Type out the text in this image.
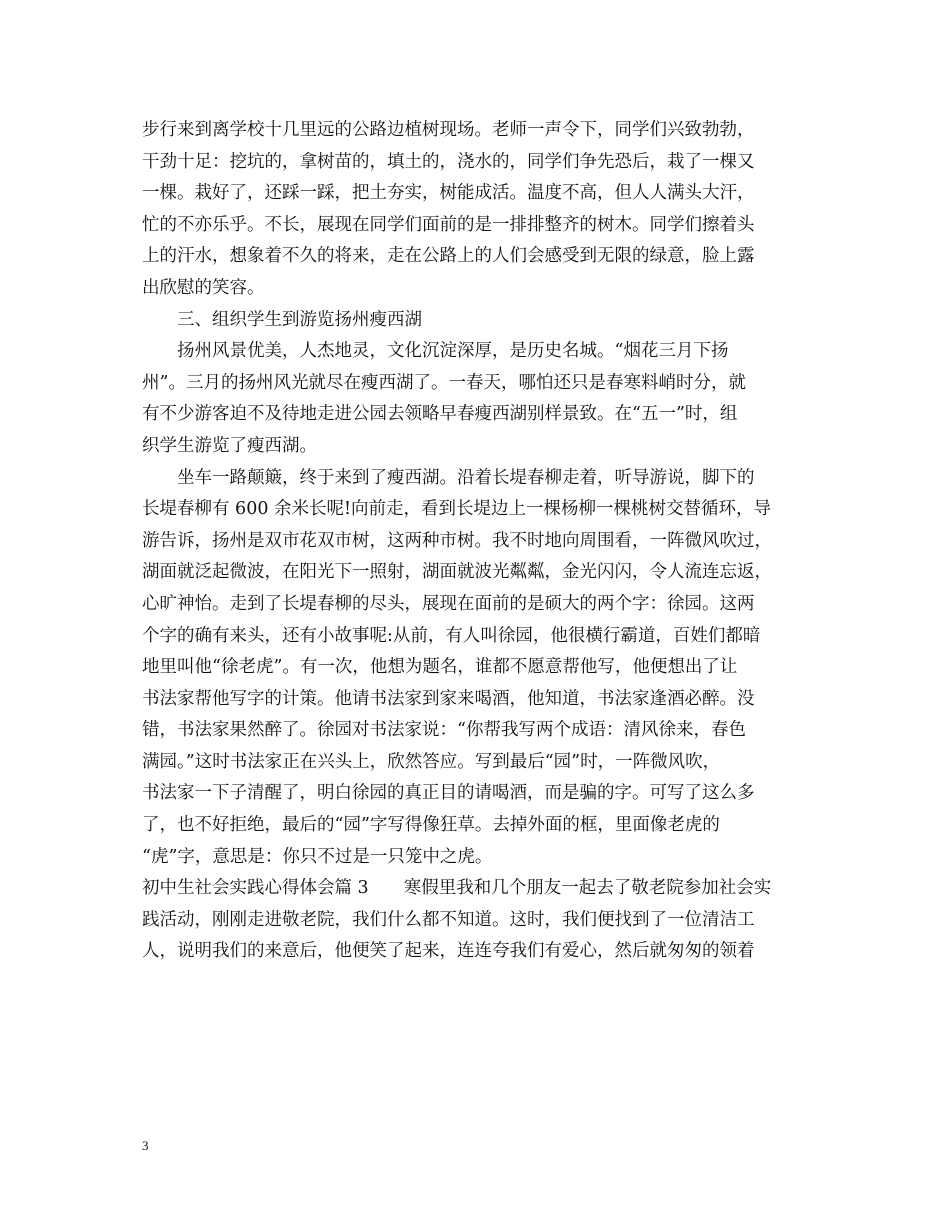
步行来到离学校十几里远的公路边植树现场。老师一声令下，同学们兴致勃勃，
干劲十足：挖坑的，拿树苗的，填土的，浇水的，同学们争先恐后，栽了一棵又
一棵。栽好了，还踩一踩，把土夯实，树能成活。温度不高，但人人满头大汗，
忙的不亦乐乎。不长，展现在同学们面前的是一排排整齐的树木。同学们擦着头
上的汗水，想象着不久的将来，走在公路上的人们会感受到无限的绿意，脸上露
出欣慰的笑容。
三、组织学生到游览扬州瘦西湖
扬州风景优美，人杰地灵，文化沉淀深厚，是历史名城。“烟花三月下扬
州”。三月的扬州风光就尽在瘦西湖了。一春天，哪怕还只是春寒料峭时分，就
有不少游客迫不及待地走进公园去领略早春瘦西湖别样景致。在“五一”时，组
织学生游览了瘦西湖。
坐车一路颠簸，终于来到了瘦西湖。沿着长堤春柳走着，听导游说，脚下的
长堤春柳有 600 余米长呢!向前走，看到长堤边上一棵杨柳一棵桃树交替循环，导
游告诉，扬州是双市花双市树，这两种市树。我不时地向周围看，一阵微风吹过，
湖面就泛起微波，在阳光下一照射，湖面就波光粼粼，金光闪闪，令人流连忘返，
心旷神怡。走到了长堤春柳的尽头，展现在面前的是硕大的两个字：徐园。这两
个字的确有来头，还有小故事呢:从前，有人叫徐园，他很横行霸道，百姓们都暗
地里叫他“徐老虎”。有一次，他想为题名，谁都不愿意帮他写，他便想出了让
书法家帮他写字的计策。他请书法家到家来喝酒，他知道，书法家逢酒必醉。没
错，书法家果然醉了。徐园对书法家说：“你帮我写两个成语：清风徐来，春色
满园。”这时书法家正在兴头上，欣然答应。写到最后“园”时，一阵微风吹，
书法家一下子清醒了，明白徐园的真正目的请喝酒，而是骗的字。可写了这么多
了，也不好拒绝，最后的“园”字写得像狂草。去掉外面的框，里面像老虎的
“虎”字，意思是：你只不过是一只笼中之虎。
初中生社会实践心得体会篇 3　　寒假里我和几个朋友一起去了敬老院参加社会实
践活动，刚刚走进敬老院，我们什么都不知道。这时，我们便找到了一位清洁工
人，说明我们的来意后，他便笑了起来，连连夸我们有爱心，然后就匆匆的领着
3
